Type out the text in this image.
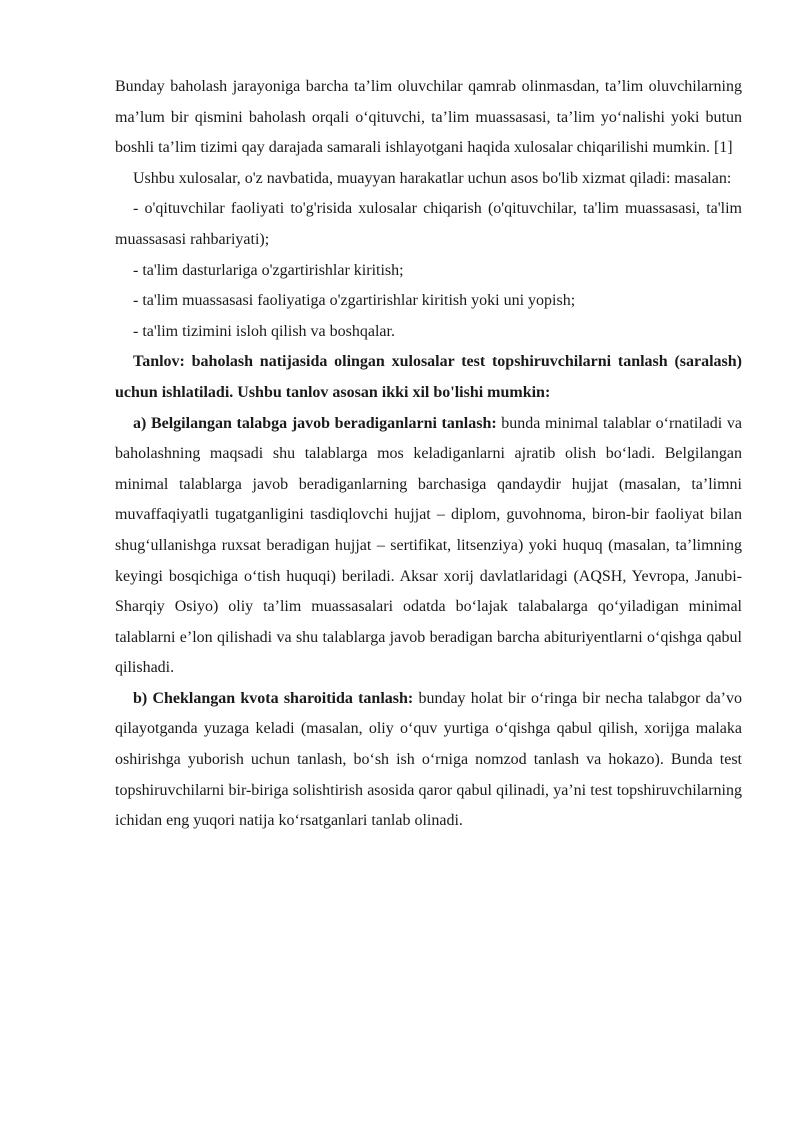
Bunday baholash jarayoniga barcha ta’lim oluvchilar qamrab olinmasdan, ta’lim oluvchilarning ma’lum bir qismini baholash orqali o‘qituvchi, ta’lim muassasasi, ta’lim yo‘nalishi yoki butun boshli ta’lim tizimi qay darajada samarali ishlayotgani haqida xulosalar chiqarilishi mumkin. [1]

Ushbu xulosalar, o'z navbatida, muayyan harakatlar uchun asos bo'lib xizmat qiladi: masalan:

- o'qituvchilar faoliyati to'g'risida xulosalar chiqarish (o'qituvchilar, ta'lim muassasasi, ta'lim muassasasi rahbariyati);

- ta'lim dasturlariga o'zgartirishlar kiritish;

- ta'lim muassasasi faoliyatiga o'zgartirishlar kiritish yoki uni yopish;

- ta'lim tizimini isloh qilish va boshqalar.

Tanlov: baholash natijasida olingan xulosalar test topshiruvchilarni tanlash (saralash) uchun ishlatiladi. Ushbu tanlov asosan ikki xil bo'lishi mumkin:

a) Belgilangan talabga javob beradiganlarni tanlash: bunda minimal talablar o‘rnatiladi va baholashning maqsadi shu talablarga mos keladiganlarni ajratib olish bo‘ladi. Belgilangan minimal talablarga javob beradiganlarning barchasiga qandaydir hujjat (masalan, ta’limni muvaffaqiyatli tugatganligini tasdiqlovchi hujjat – diplom, guvohnoma, biron-bir faoliyat bilan shug‘ullanishga ruxsat beradigan hujjat – sertifikat, litsenziya) yoki huquq (masalan, ta’limning keyingi bosqichiga o‘tish huquqi) beriladi. Aksar xorij davlatlaridagi (AQSH, Yevropa, Janubi-Sharqiy Osiyo) oliy ta’lim muassasalari odatda bo‘lajak talabalarga qo‘yiladigan minimal talablarni e’lon qilishadi va shu talablarga javob beradigan barcha abituriyentlarni o‘qishga qabul qilishadi.

b) Cheklangan kvota sharoitida tanlash: bunday holat bir o‘ringa bir necha talabgor da’vo qilayotganda yuzaga keladi (masalan, oliy o‘quv yurtiga o‘qishga qabul qilish, xorijga malaka oshirishga yuborish uchun tanlash, bo‘sh ish o‘rniga nomzod tanlash va hokazo). Bunda test topshiruvchilarni bir-biriga solishtirish asosida qaror qabul qilinadi, ya’ni test topshiruvchilarning ichidan eng yuqori natija ko‘rsatganlari tanlab olinadi.
